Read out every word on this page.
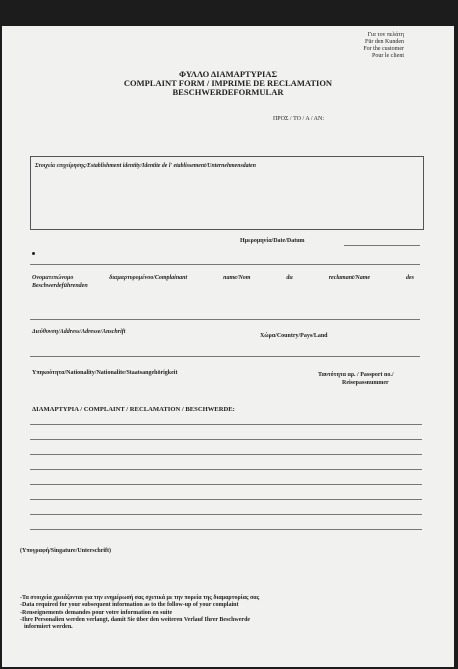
Για τον πελάτη
Für den Kunden
For the customer
Pour le client
ΦΥΛΛΟ ΔΙΑΜΑΡΤΥΡΙΑΣ
COMPLAINT FORM / IMPRIME DE RECLAMATION
BESCHWERDEFORMULAR
ΠΡΟΣ / TO / A / AN:
Στοιχεία επιχείρησης/Establishment identity/Identite de l' etablissement/Unternehmensdaten
Ημερομηνία/Date/Datum
Ονοματεπώνυμο διαμαρτυρομένου/Complainant name/Nom du reclamant/Name des
Beschwerdeführenden
Διεύθυνση/Address/Adresse/Anschrift
Χώρα/Country/Pays/Land
Υπηκοότητα/Nationality/Nationalite/Staatsangehörigkeit	Ταυτότητα αρ. / Passport no./
Reisepassnummer
ΔΙΑΜΑΡΤΥΡΙΑ / COMPLAINT / RECLAMATION / BESCHWERDE:
(Υπογραφή/Singature/Unterschrift)
-Τα στοιχεία χρειάζονται για την ενημέρωσή σας σχετικά με την πορεία της διαμαρτυρίας σας
-Data required for your subsequent information as to the follow-up of your complaint
-Renseignements demandes pour votre information en suite
-Ihre Personalien werden verlangt, damit Sie über den weiteren Verlauf Ihrer Beschwerde
informiert werden.
